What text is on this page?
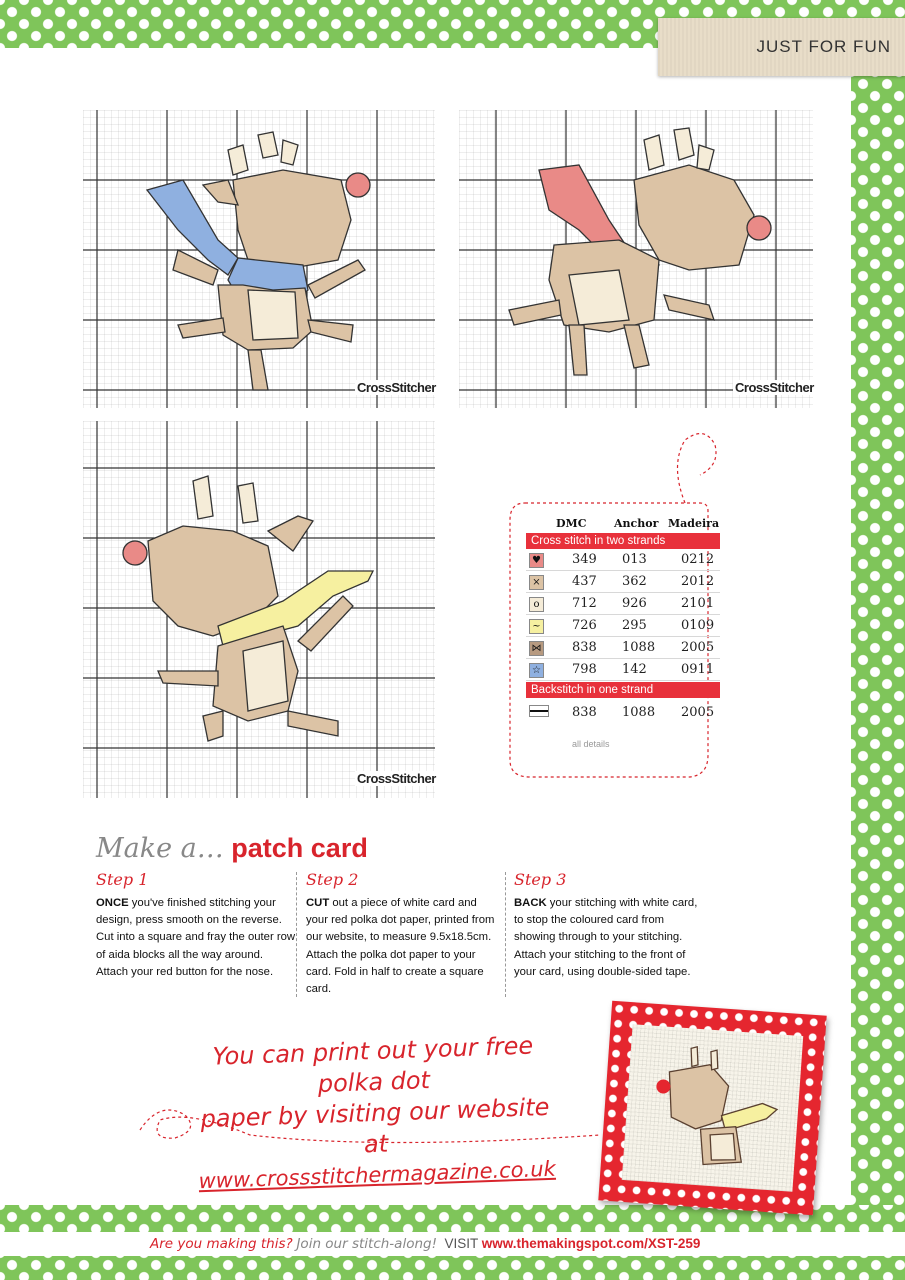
JUST FOR FUN
CrossStitcher	CrossStitcher
CrossStitcher
DMC	Anchor Madeira
Cross stitch in two strands
♥ 349 013	0212
× 437 362	2012
o	712 926	2101
~ 726 295	0109
⋈ 838 1088 2005
☆ 798 142	0911
Backstitch in one strand
838 1088 2005
all details
Make a… patch card
Step 1

ONCE you've finished stitching your design, press smooth on the reverse. Cut into a square and fray the outer row of aida blocks all the way around. Attach your red button for the nose.

Step 2

CUT out a piece of white card and your red polka dot paper, printed from our website, to measure 9.5x18.5cm. Attach the polka dot paper to your card. Fold in half to create a square card.

Step 3

BACK your stitching with white card, to stop the coloured card from showing through to your stitching. Attach your stitching to the front of your card, using double-sided tape.

You can print out your free polka dot
paper by visiting our website at
www.crossstitchermagazine.co.uk
Are you making this? Join our stitch-along! VISIT www.themakingspot.com/XST-259
